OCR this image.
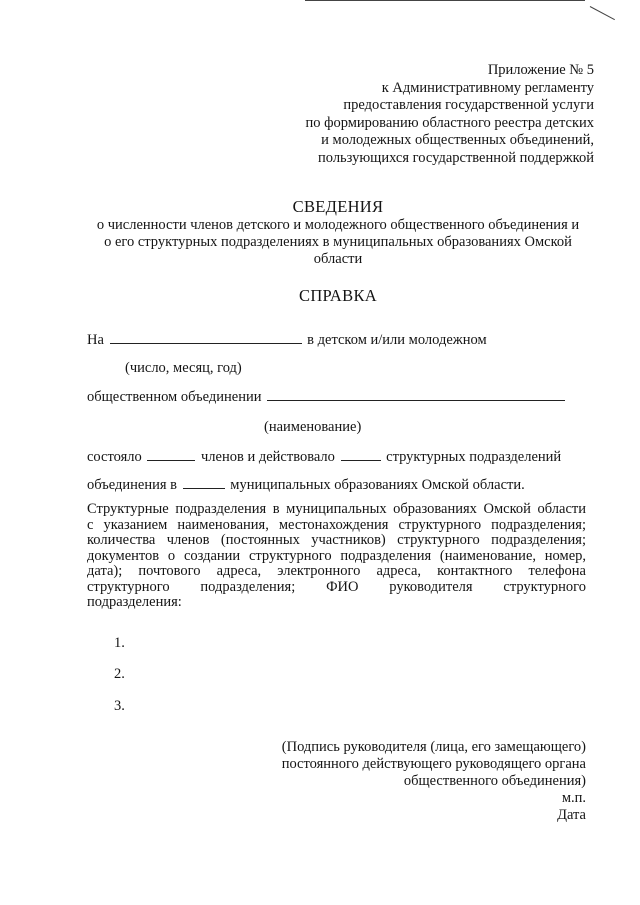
Приложение № 5
к Административному регламенту
предоставления государственной услуги
по формированию областного реестра детских
и молодежных общественных объединений,
пользующихся государственной поддержкой
СВЕДЕНИЯ
о численности членов детского и молодежного общественного объединения и
о его структурных подразделениях в муниципальных образованиях Омской
области
СПРАВКА
На	в детском и/или молодежном
(число, месяц, год)
общественном объединении
(наименование)
состояло	членов и действовало	структурных подразделений
объединения в	муниципальных образованиях Омской области.
Структурные подразделения в муниципальных образованиях Омской области
с указанием наименования, местонахождения структурного подразделения;
количества членов (постоянных участников) структурного подразделения;
документов о создании структурного подразделения (наименование, номер,
дата); почтового адреса, электронного адреса, контактного телефона
структурного подразделения; ФИО руководителя структурного
подразделения:
1.
2.
3.
(Подпись руководителя (лица, его замещающего)
постоянного действующего руководящего органа
общественного объединения)
м.п.
Дата
